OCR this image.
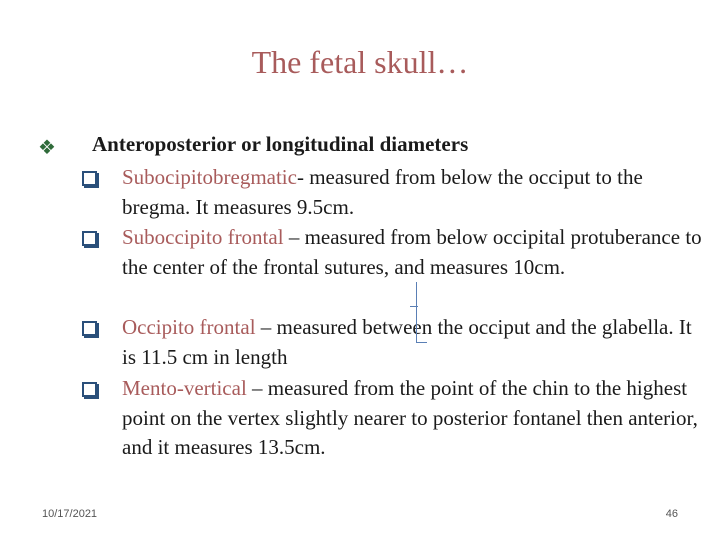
The fetal skull…
❖ Anteroposterior or longitudinal diameters
Subocipitobregmatic- measured from below the occiput to the bregma. It measures 9.5cm.
Suboccipito frontal – measured from below occipital protuberance to the center of the frontal sutures, and measures 10cm.
Occipito frontal – measured between the occiput and the glabella. It is 11.5 cm in length
Mento-vertical – measured from the point of the chin to the highest point on the vertex slightly nearer to posterior fontanel then anterior, and it measures 13.5cm.
10/17/2021	46
